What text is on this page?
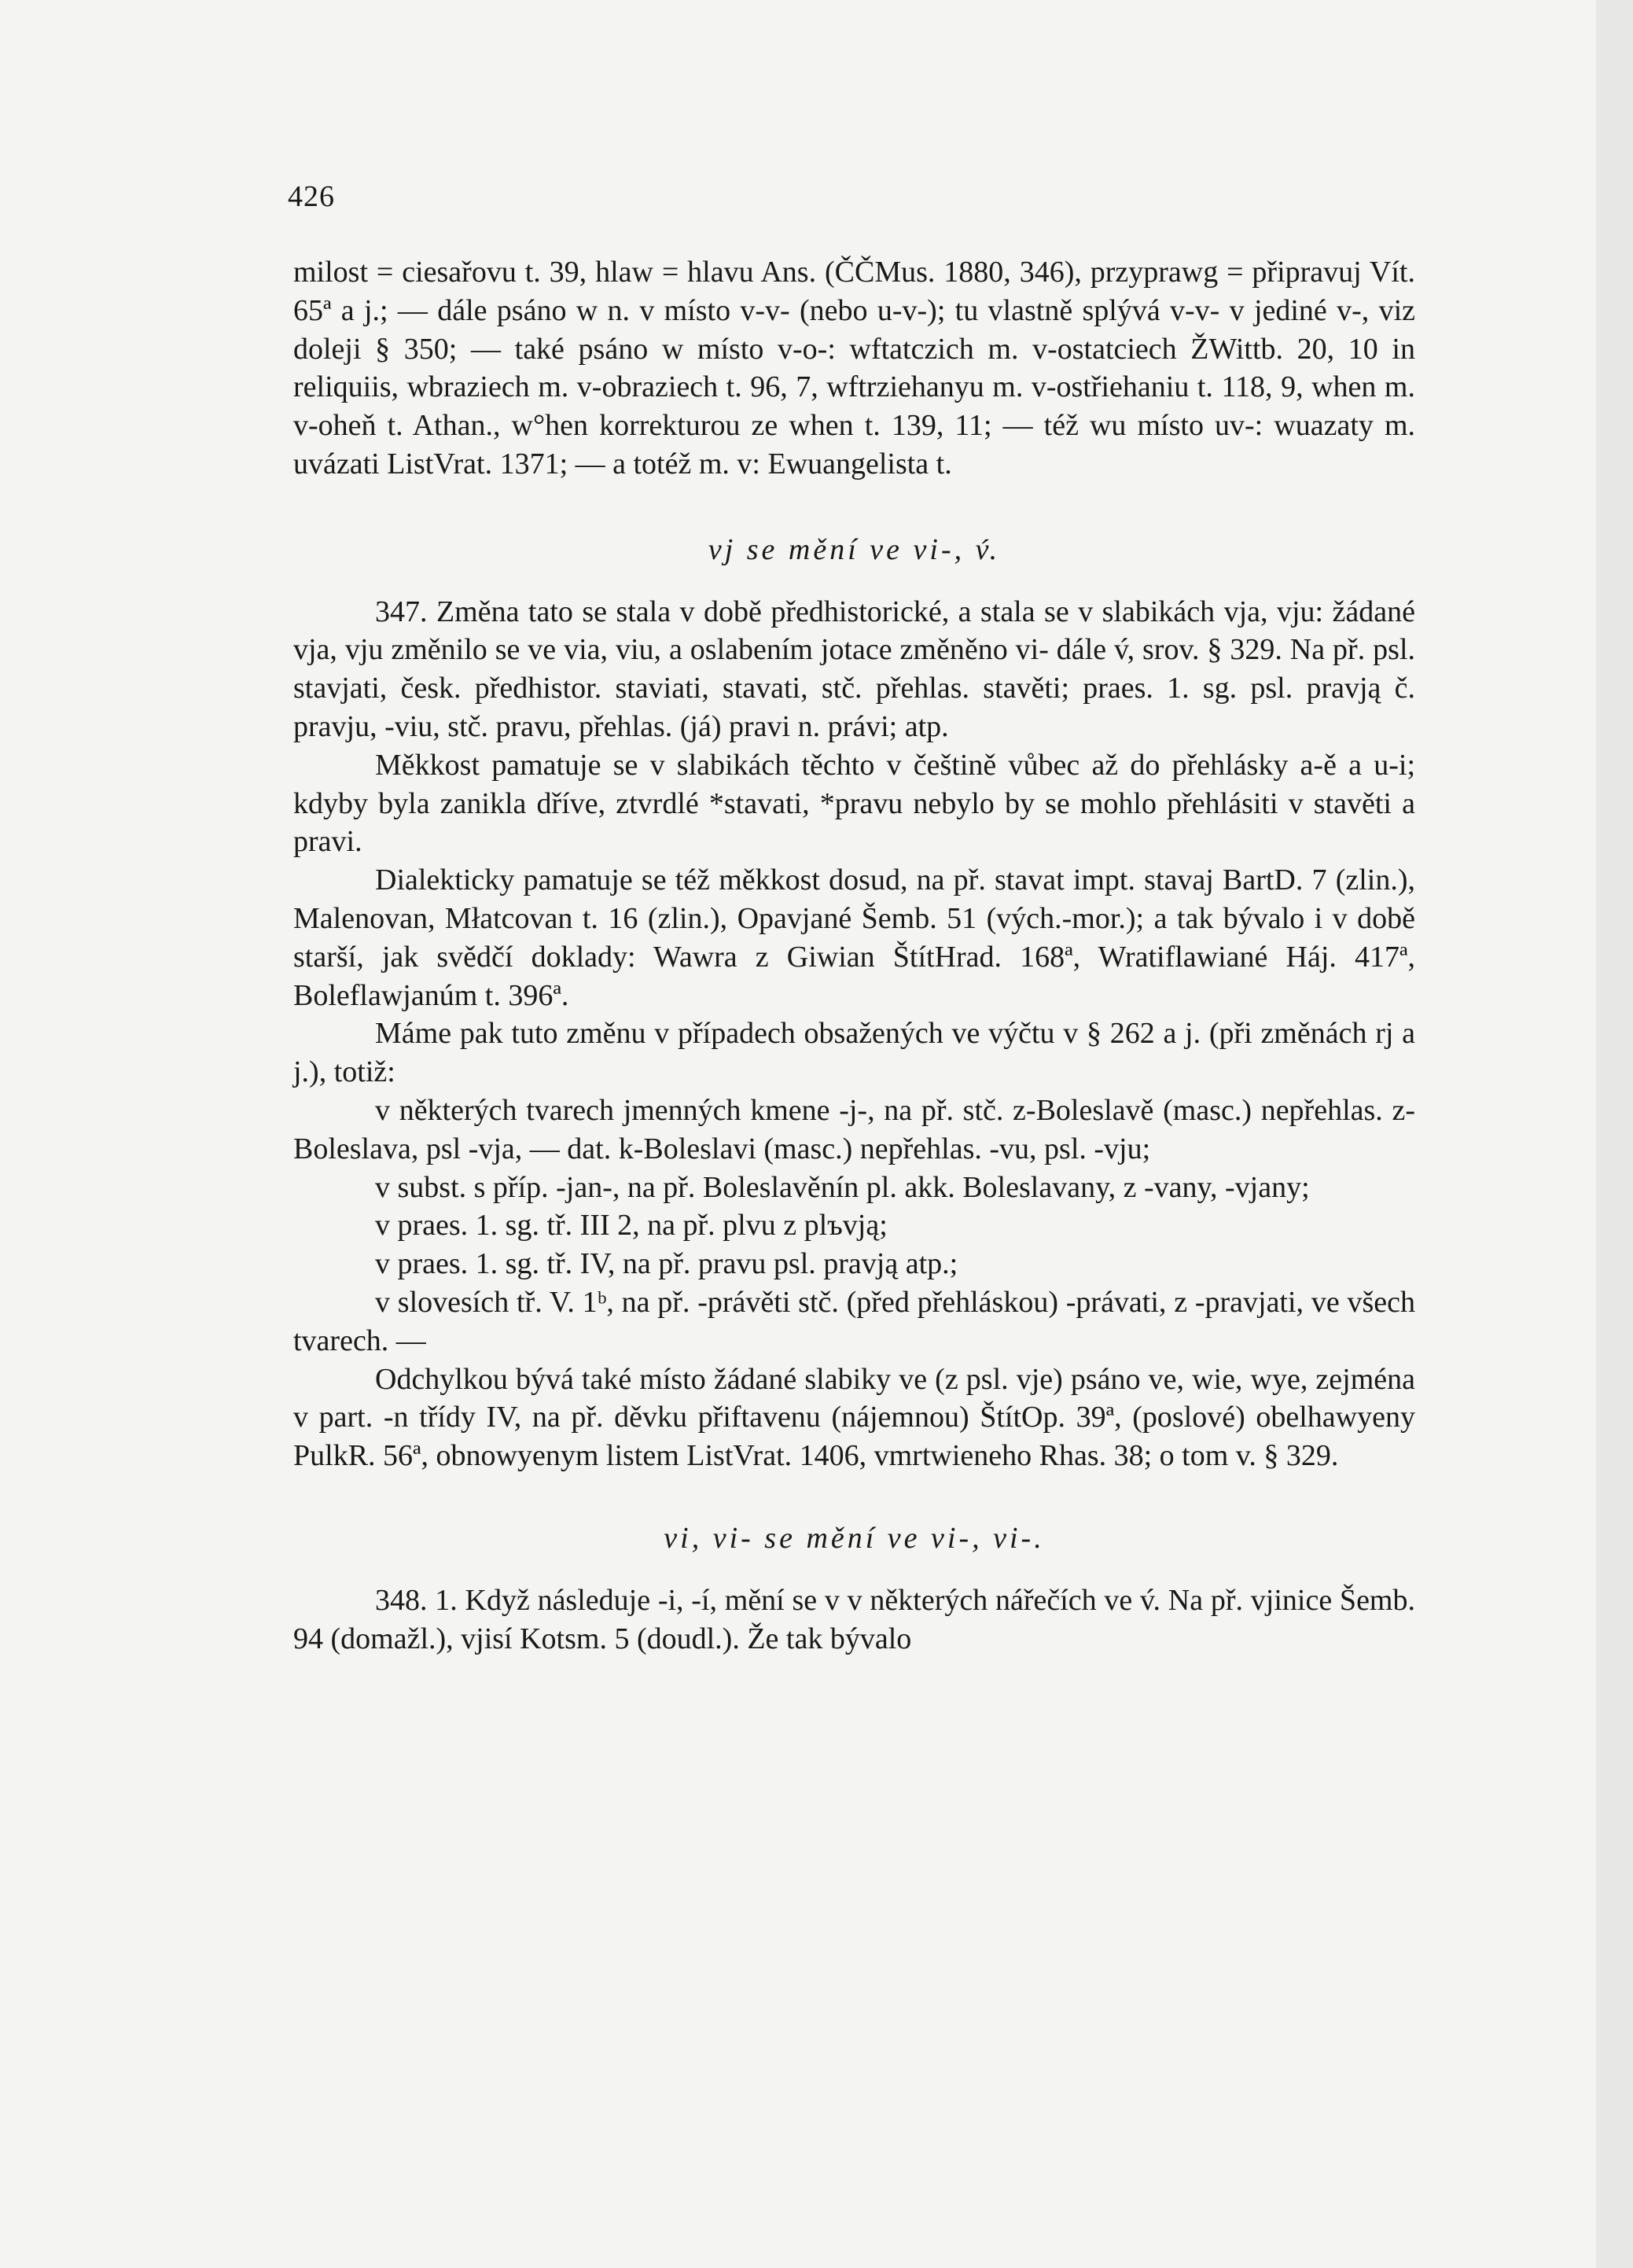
426

milost = ciesařovu t. 39, hlaw = hlavu Ans. (ČČMus. 1880, 346), przyprawg = připravuj Vít. 65ª a j.; — dále psáno w n. v místo v-v- (nebo u-v-); tu vlastně splývá v-v- v jediné v-, viz doleji § 350; — také psáno w místo v-o-: wftatczich m. v-ostatciech ŽWittb. 20, 10 in reliquiis, wbraziech m. v-obraziech t. 96, 7, wftrziehanyu m. v-ostřiehaniu t. 118, 9, when m. v-oheň t. Athan., w°hen korrekturou ze when t. 139, 11; — též wu místo uv-: wuazaty m. uvázati ListVrat. 1371; — a totéž m. v: Ewuangelista t.

vj se mění ve vi-, v́.

347. Změna tato se stala v době předhistorické, a stala se v slabikách vja, vju: žádané vja, vju změnilo se ve via, viu, a oslabením jotace změněno vi- dále v́, srov. § 329. Na př. psl. stavjati, česk. předhistor. staviati, stavati, stč. přehlas. stavěti; praes. 1. sg. psl. pravją č. pravju, -viu, stč. pravu, přehlas. (já) pravi n. právi; atp.

Měkkost pamatuje se v slabikách těchto v češtině vůbec až do přehlásky a-ě a u-i; kdyby byla zanikla dříve, ztvrdlé *stavati, *pravu nebylo by se mohlo přehlásiti v stavěti a pravi.

Dialekticky pamatuje se též měkkost dosud, na př. stavat impt. stavaj BartD. 7 (zlin.), Malenovan, Młatcovan t. 16 (zlin.), Opavjané Šemb. 51 (vých.-mor.); a tak bývalo i v době starší, jak svědčí doklady: Wawra z Giwian ŠtítHrad. 168ª, Wratiflawiané Háj. 417ª, Boleflawjanúm t. 396ª.

Máme pak tuto změnu v případech obsažených ve výčtu v § 262 a j. (při změnách rj a j.), totiž:

v některých tvarech jmenných kmene -j-, na př. stč. z-Boleslavě (masc.) nepřehlas. z-Boleslava, psl -vja, — dat. k-Boleslavi (masc.) nepřehlas. -vu, psl. -vju;

v subst. s příp. -jan-, na př. Boleslavěnín pl. akk. Boleslavany, z -vany, -vjany;

v praes. 1. sg. tř. III 2, na př. plvu z plъvją;

v praes. 1. sg. tř. IV, na př. pravu psl. pravją atp.;

v slovesích tř. V. 1ᵇ, na př. -právěti stč. (před přehláskou) -právati, z -pravjati, ve všech tvarech. —

Odchylkou bývá také místo žádané slabiky ve (z psl. vje) psáno ve, wie, wye, zejména v part. -n třídy IV, na př. děvku přiftavenu (nájemnou) ŠtítOp. 39ª, (poslové) obelhawyeny PulkR. 56ª, obnowyenym listem ListVrat. 1406, vmrtwieneho Rhas. 38; o tom v. § 329.

vi, vi- se mění ve vi-, vi-.

348. 1. Když následuje -i, -í, mění se v v některých nářečích ve v́. Na př. vjinice Šemb. 94 (domažl.), vjisí Kotsm. 5 (doudl.). Že tak bývalo
